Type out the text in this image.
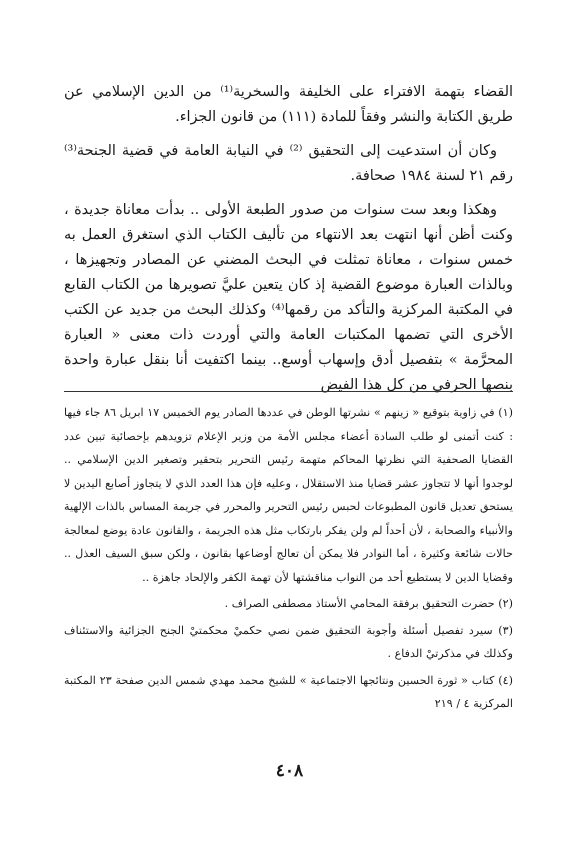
القضاء بتهمة الافتراء على الخليفة والسخرية⁽¹⁾ من الدين الإسلامي عن طريق الكتابة والنشر وفقاً للمادة (١١١) من قانون الجزاء.

وكان أن استدعيت إلى التحقيق ⁽²⁾ في النيابة العامة في قضية الجنحة⁽³⁾ رقم ٢١ لسنة ١٩٨٤ صحافة.

وهكذا وبعد ست سنوات من صدور الطبعة الأولى .. بدأت معاناة جديدة ، وكنت أظن أنها انتهت بعد الانتهاء من تأليف الكتاب الذي استغرق العمل به خمس سنوات ، معاناة تمثلت في البحث المضني عن المصادر وتجهيزها ، وبالذات العبارة موضوع القضية إذ كان يتعين عليَّ تصويرها من الكتاب القابع في المكتبة المركزية والتأكد من رقمها⁽⁴⁾ وكذلك البحث من جديد عن الكتب الأخرى التي تضمها المكتبات العامة والتي أوردت ذات معنى « العبارة المحرَّمة » بتفصيل أدق وإسهاب أوسع.. بينما اكتفيت أنا بنقل عبارة واحدة بنصها الحرفي من كل هذا الفيض

(١) في زاوية بتوقيع « زينهم » نشرتها الوطن في عددها الصادر يوم الخميس ١٧ ابريل ٨٦ جاء فيها : كنت أتمنى لو طلب السادة أعضاء مجلس الأمة من وزير الإعلام تزويدهم بإحصائية تبين عدد القضايا الصحفية التي نظرتها المحاكم متهمة رئيس التحرير بتحقير وتصغير الدين الإسلامي .. لوجدوا أنها لا تتجاوز عشر قضايا منذ الاستقلال ، وعليه فإن هذا العدد الذي لا يتجاوز أصابع اليدين لا يستحق تعديل قانون المطبوعات لحبس رئيس التحرير والمحرر في جريمة المساس بالذات الإلهية والأنبياء والصحابة ، لأن أحداً لم ولن يفكر بارتكاب مثل هذه الجريمة ، والقانون عادة يوضع لمعالجة حالات شائعة وكثيرة ، أما النوادر فلا يمكن أن تعالج أوضاعها بقانون ، ولكن سبق السيف العذل .. وقضايا الدين لا يستطيع أحد من النواب مناقشتها لأن تهمة الكفر والإلحاد جاهزة ..

(٢) حضرت التحقيق برفقة المحامي الأستاذ مصطفى الصراف .

(٣) سيرد تفصيل أسئلة وأجوبة التحقيق ضمن نصي حكميْ محكمتيْ الجنح الجزائية والاستئناف وكذلك في مذكرتيْ الدفاع .

(٤) كتاب « ثورة الحسين ونتائجها الاجتماعية » للشيخ محمد مهدي شمس الدين صفحة ٢٣ المكتبة المركزية ٤ / ٢١٩

٤٠٨
